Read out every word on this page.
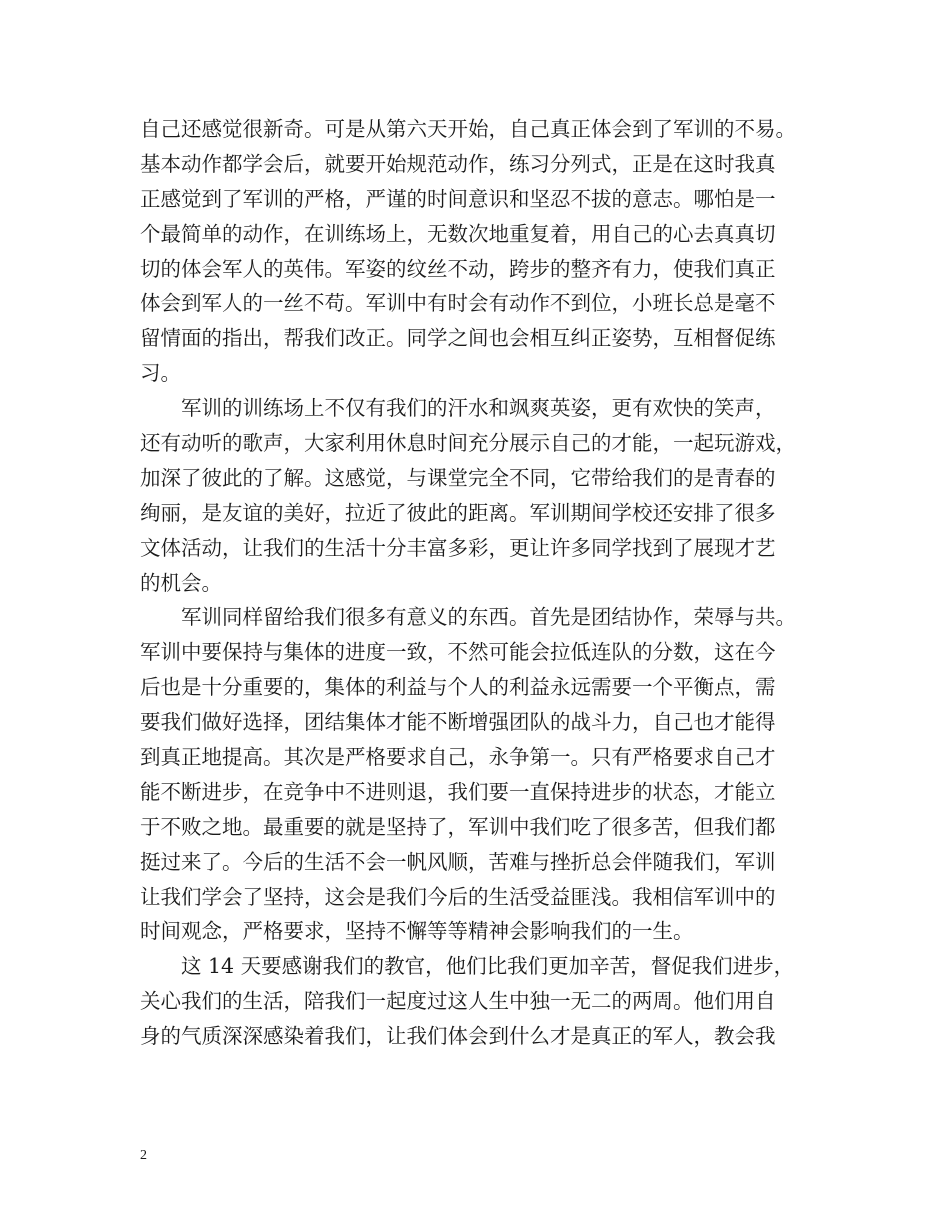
自己还感觉很新奇。可是从第六天开始，自己真正体会到了军训的不易。
基本动作都学会后，就要开始规范动作，练习分列式，正是在这时我真
正感觉到了军训的严格，严谨的时间意识和坚忍不拔的意志。哪怕是一
个最简单的动作，在训练场上，无数次地重复着，用自己的心去真真切
切的体会军人的英伟。军姿的纹丝不动，跨步的整齐有力，使我们真正
体会到军人的一丝不苟。军训中有时会有动作不到位，小班长总是毫不
留情面的指出，帮我们改正。同学之间也会相互纠正姿势，互相督促练
习。
军训的训练场上不仅有我们的汗水和飒爽英姿，更有欢快的笑声，
还有动听的歌声，大家利用休息时间充分展示自己的才能，一起玩游戏，
加深了彼此的了解。这感觉，与课堂完全不同，它带给我们的是青春的
绚丽，是友谊的美好，拉近了彼此的距离。军训期间学校还安排了很多
文体活动，让我们的生活十分丰富多彩，更让许多同学找到了展现才艺
的机会。
军训同样留给我们很多有意义的东西。首先是团结协作，荣辱与共。
军训中要保持与集体的进度一致，不然可能会拉低连队的分数，这在今
后也是十分重要的，集体的利益与个人的利益永远需要一个平衡点，需
要我们做好选择，团结集体才能不断增强团队的战斗力，自己也才能得
到真正地提高。其次是严格要求自己，永争第一。只有严格要求自己才
能不断进步，在竞争中不进则退，我们要一直保持进步的状态，才能立
于不败之地。最重要的就是坚持了，军训中我们吃了很多苦，但我们都
挺过来了。今后的生活不会一帆风顺，苦难与挫折总会伴随我们，军训
让我们学会了坚持，这会是我们今后的生活受益匪浅。我相信军训中的
时间观念，严格要求，坚持不懈等等精神会影响我们的一生。
这 14 天要感谢我们的教官，他们比我们更加辛苦，督促我们进步，
关心我们的生活，陪我们一起度过这人生中独一无二的两周。他们用自
身的气质深深感染着我们，让我们体会到什么才是真正的军人，教会我
2
